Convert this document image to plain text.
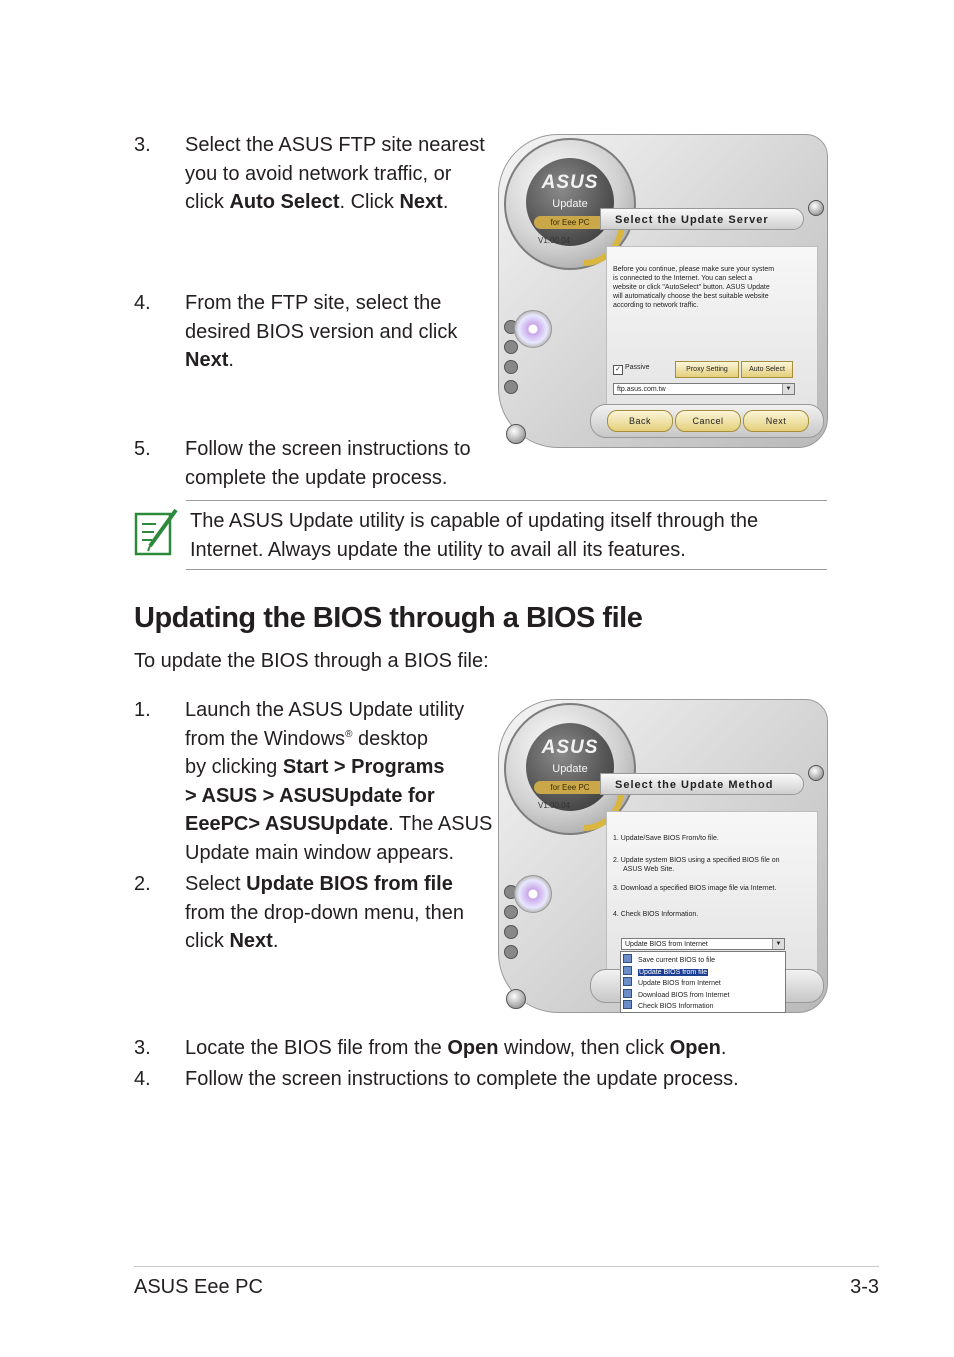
3. Select the ASUS FTP site nearest
you to avoid network traffic, or
click Auto Select. Click Next.
4. From the FTP site, select the
desired BIOS version and click
Next.
5. Follow the screen instructions to
complete the update process.
ASUS
Update
for Eee PC
V1.00.04
Select the Update Server
Before you continue, please make sure your system
is connected to the Internet. You can select a
website or click "AutoSelect" button. ASUS Update
will automatically choose the best suitable website
according to network traffic.
✓ Passive	Proxy Setting	Auto Select
ftp.asus.com.tw	▼
Back	Cancel	Next
The ASUS Update utility is capable of updating itself through the
Internet. Always update the utility to avail all its features.
Updating the BIOS through a BIOS file
To update the BIOS through a BIOS file:
1. Launch the ASUS Update utility
from the Windows® desktop
by clicking Start > Programs
> ASUS > ASUSUpdate for
EeePC> ASUSUpdate. The ASUS
Update main window appears.
2. Select Update BIOS from file
from the drop-down menu, then
click Next.
ASUS
Update
for Eee PC
V1.00.04
Select the Update Method
1. Update/Save BIOS From/to file.
2. Update system BIOS using a specified BIOS file on
ASUS Web Site.
3. Download a specified BIOS image file via Internet.
4. Check BIOS Information.
Update BIOS from Internet	▼
Save current BIOS to file
Update BIOS from file
Update BIOS from Internet
Download BIOS from Internet
Check BIOS Information
3. Locate the BIOS file from the Open window, then click Open.
4. Follow the screen instructions to complete the update process.
ASUS Eee PC	3-3
